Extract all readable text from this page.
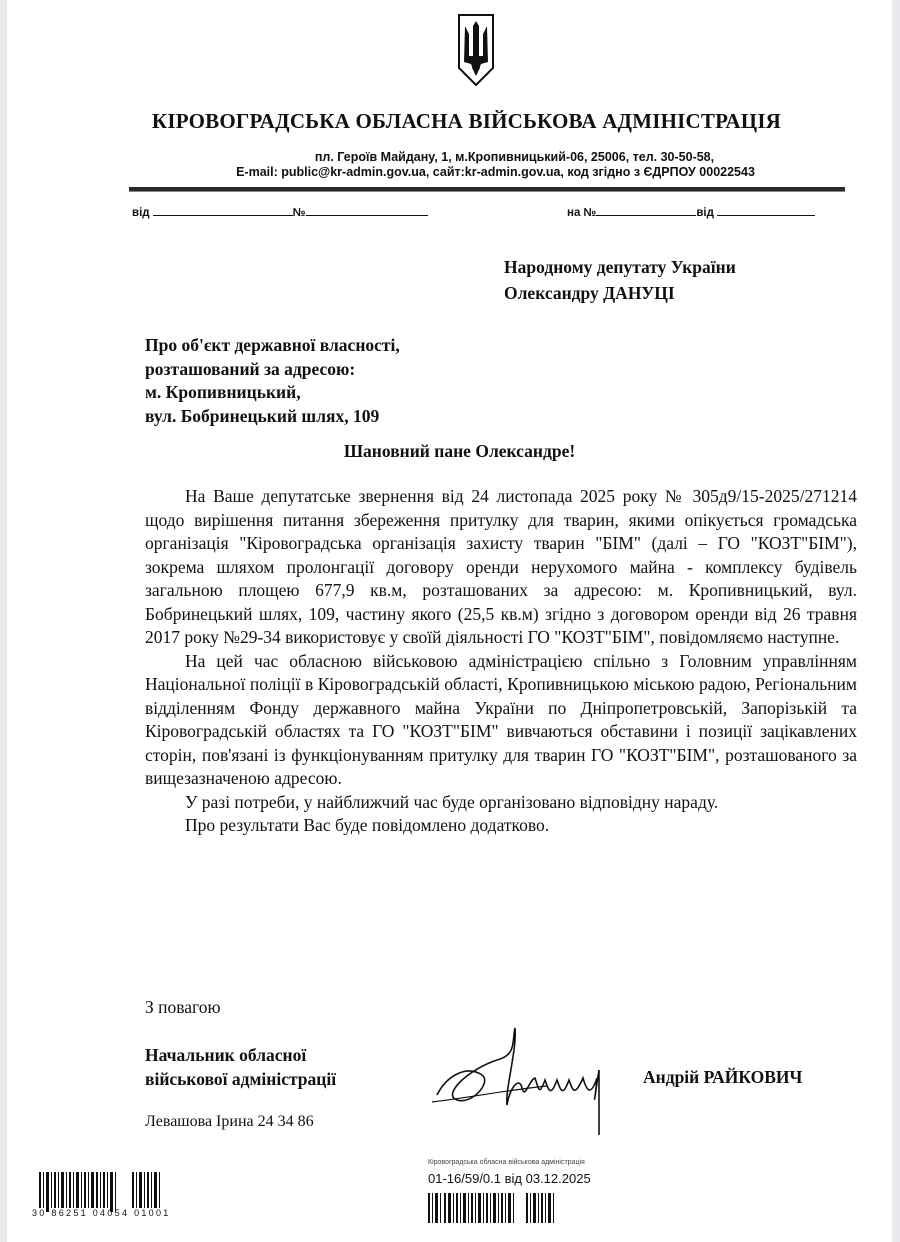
КІРОВОГРАДСЬКА ОБЛАСНА ВІЙСЬКОВА АДМІНІСТРАЦІЯ
пл. Героїв Майдану, 1, м.Кропивницький-06, 25006, тел. 30-50-58,
E-mail: public@kr-admin.gov.ua, сайт:kr-admin.gov.ua, код згідно з ЄДРПОУ 00022543
від	№	на №	від
Народному депутату України
Олександру ДАНУЦІ
Про об'єкт державної власності,
розташований за адресою:
м. Кропивницький,
вул. Бобринецький шлях, 109
Шановний пане Олександре!

На Ваше депутатське звернення від 24 листопада 2025 року № 305д9/15-2025/271214 щодо вирішення питання збереження притулку для тварин, якими опікується громадська організація "Кіровоградська організація захисту тварин "БІМ" (далі – ГО "КОЗТ"БІМ"), зокрема шляхом пролонгації договору оренди нерухомого майна - комплексу будівель загальною площею 677,9 кв.м, розташованих за адресою: м. Кропивницький, вул. Бобринецький шлях, 109, частину якого (25,5 кв.м) згідно з договором оренди від 26 травня 2017 року №29-34 використовує у своїй діяльності ГО "КОЗТ"БІМ", повідомляємо наступне.

На цей час обласною військовою адміністрацією спільно з Головним управлінням Національної поліції в Кіровоградській області, Кропивницькою міською радою, Регіональним відділенням Фонду державного майна України по Дніпропетровській, Запорізькій та Кіровоградській областях та ГО "КОЗТ"БІМ" вивчаються обставини і позиції зацікавлених сторін, пов'язані із функціонуванням притулку для тварин ГО "КОЗТ"БІМ", розташованого за вищезазначеною адресою.

У разі потреби, у найближчий час буде організовано відповідну нараду.

Про результати Вас буде повідомлено додатково.

З повагою
Начальник обласної
військової адміністрації	Андрій РАЙКОВИЧ
Левашова Ірина 24 34 86
30 86251 04054 01001
Кіровоградська обласна військова адміністрація
01-16/59/0.1 від 03.12.2025
